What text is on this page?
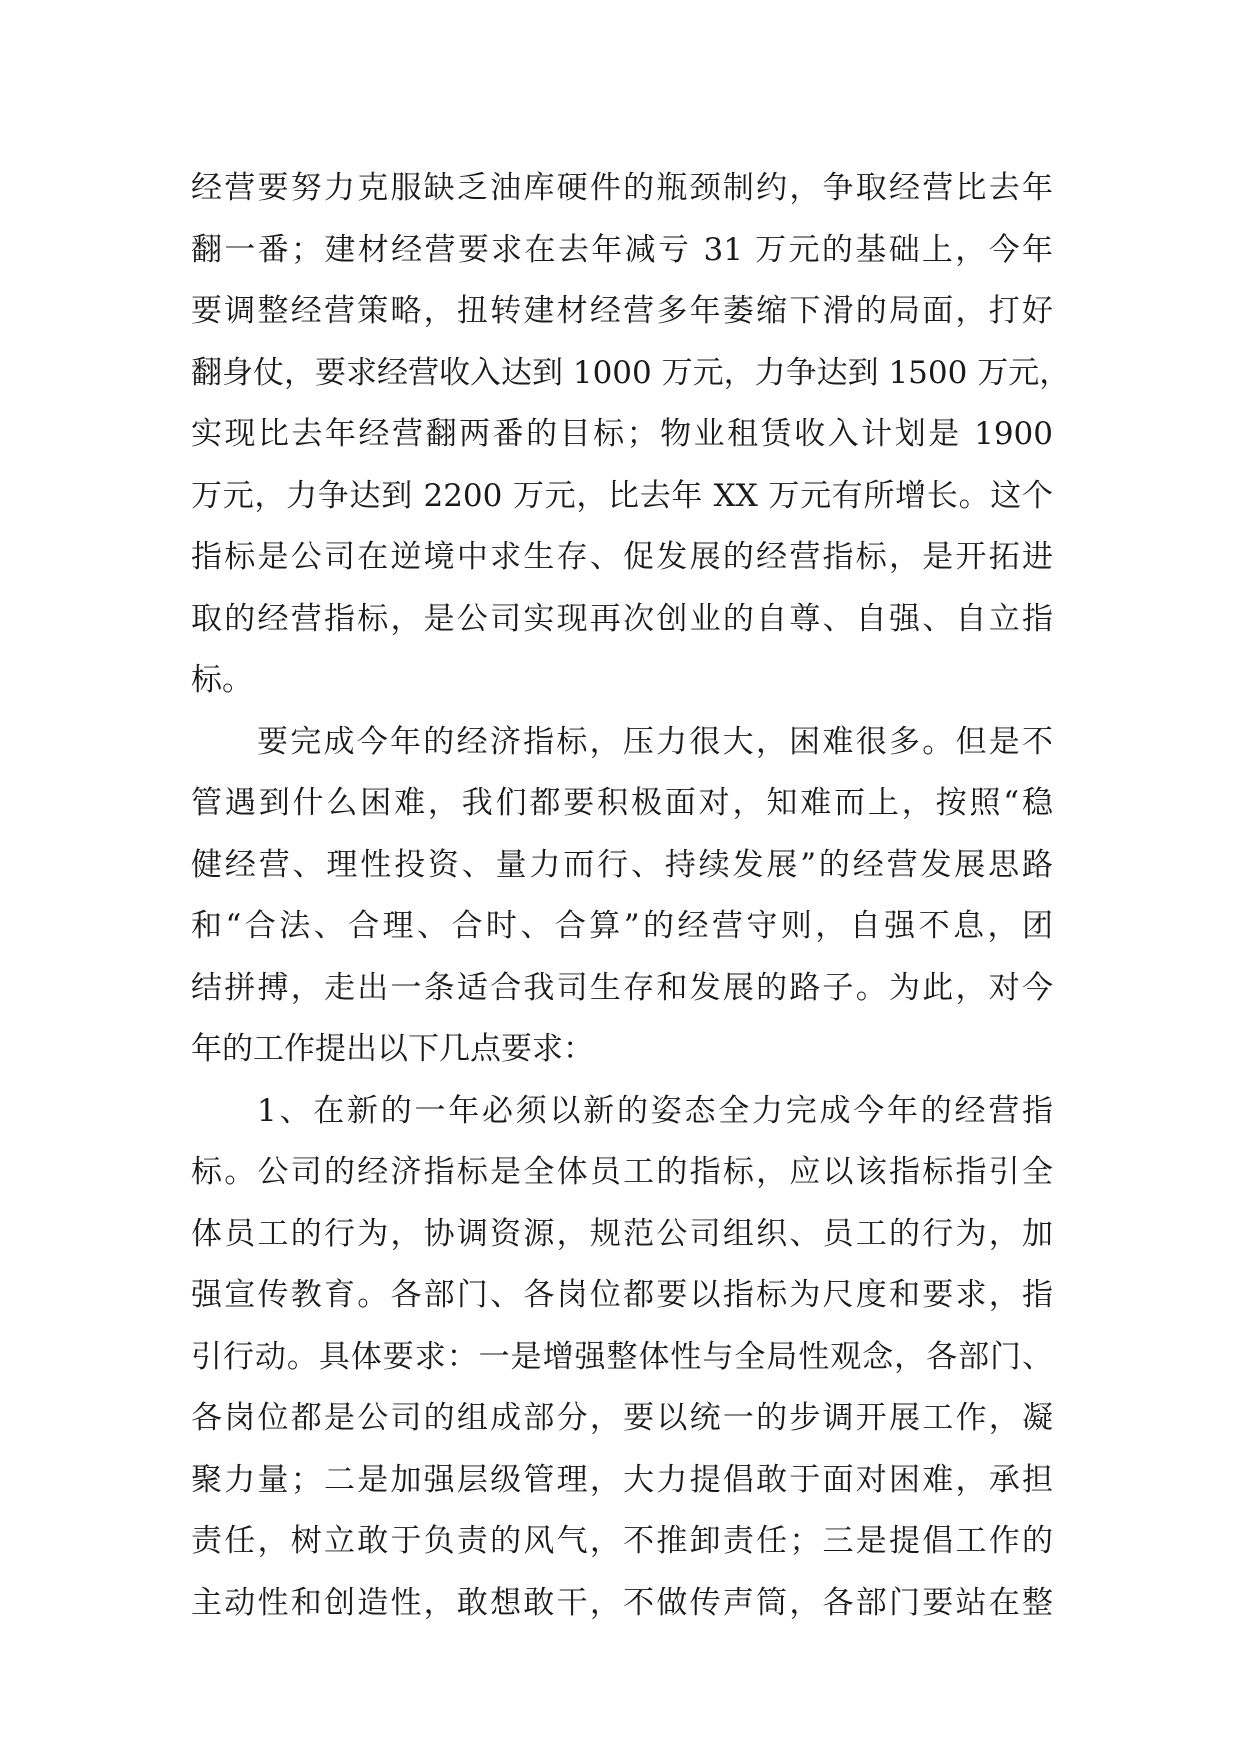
经营要努力克服缺乏油库硬件的瓶颈制约，争取经营比去年
翻一番；建材经营要求在去年减亏 31 万元的基础上，今年
要调整经营策略，扭转建材经营多年萎缩下滑的局面，打好
翻身仗，要求经营收入达到 1000 万元，力争达到 1500 万元，
实现比去年经营翻两番的目标；物业租赁收入计划是 1900
万元，力争达到 2200 万元，比去年 XX 万元有所增长。这个
指标是公司在逆境中求生存、促发展的经营指标，是开拓进
取的经营指标，是公司实现再次创业的自尊、自强、自立指
标。
要完成今年的经济指标，压力很大，困难很多。但是不
管遇到什么困难，我们都要积极面对，知难而上，按照“稳
健经营、理性投资、量力而行、持续发展”的经营发展思路
和“合法、合理、合时、合算”的经营守则，自强不息，团
结拼搏，走出一条适合我司生存和发展的路子。为此，对今
年的工作提出以下几点要求：
1、在新的一年必须以新的姿态全力完成今年的经营指
标。公司的经济指标是全体员工的指标，应以该指标指引全
体员工的行为，协调资源，规范公司组织、员工的行为，加
强宣传教育。各部门、各岗位都要以指标为尺度和要求，指
引行动。具体要求：一是增强整体性与全局性观念，各部门、
各岗位都是公司的组成部分，要以统一的步调开展工作，凝
聚力量；二是加强层级管理，大力提倡敢于面对困难，承担
责任，树立敢于负责的风气，不推卸责任；三是提倡工作的
主动性和创造性，敢想敢干，不做传声筒，各部门要站在整
